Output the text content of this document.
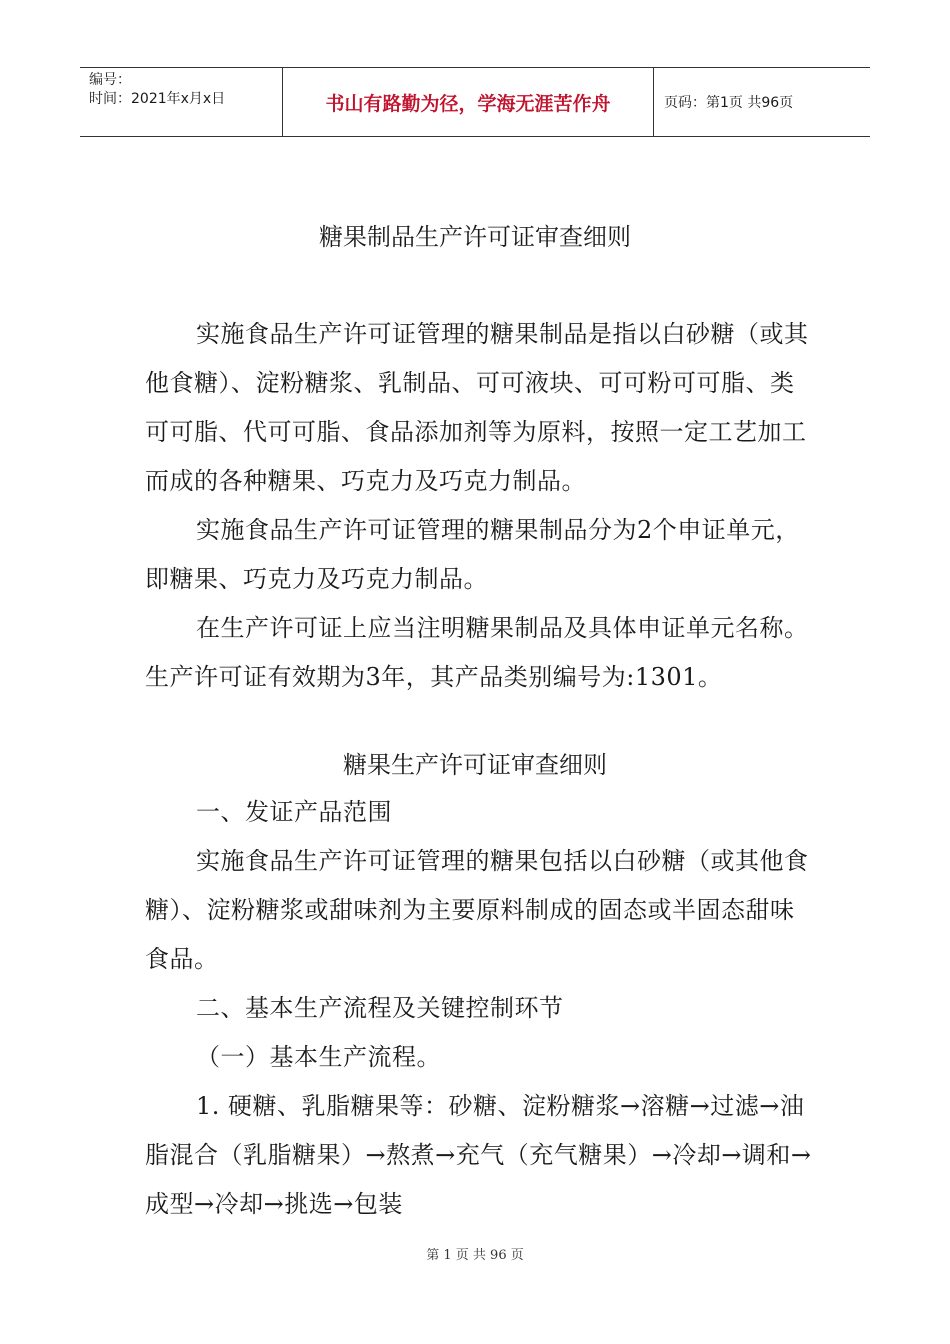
编号：
时间：2021年x月x日	书山有路勤为径，学海无涯苦作舟	页码：第1页 共96页
糖果制品生产许可证审查细则

实施食品生产许可证管理的糖果制品是指以白砂糖（或其他食糖）、淀粉糖浆、乳制品、可可液块、可可粉可可脂、类可可脂、代可可脂、食品添加剂等为原料，按照一定工艺加工而成的各种糖果、巧克力及巧克力制品。

实施食品生产许可证管理的糖果制品分为2个申证单元，即糖果、巧克力及巧克力制品。

在生产许可证上应当注明糖果制品及具体申证单元名称。生产许可证有效期为3年，其产品类别编号为:1301。

糖果生产许可证审查细则

一、发证产品范围

实施食品生产许可证管理的糖果包括以白砂糖（或其他食糖）、淀粉糖浆或甜味剂为主要原料制成的固态或半固态甜味食品。

二、基本生产流程及关键控制环节

（一）基本生产流程。

1. 硬糖、乳脂糖果等：砂糖、淀粉糖浆→溶糖→过滤→油脂混合（乳脂糖果）→熬煮→充气（充气糖果）→冷却→调和→成型→冷却→挑选→包装

第 1 页 共 96 页
